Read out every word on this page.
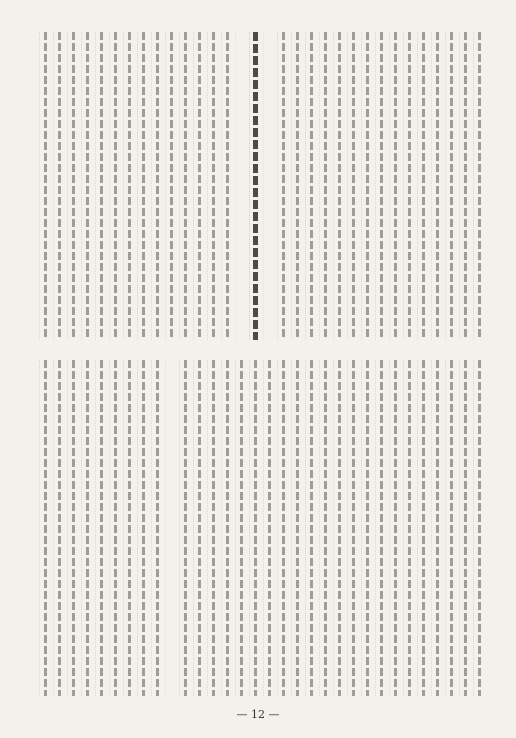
— 12 —
